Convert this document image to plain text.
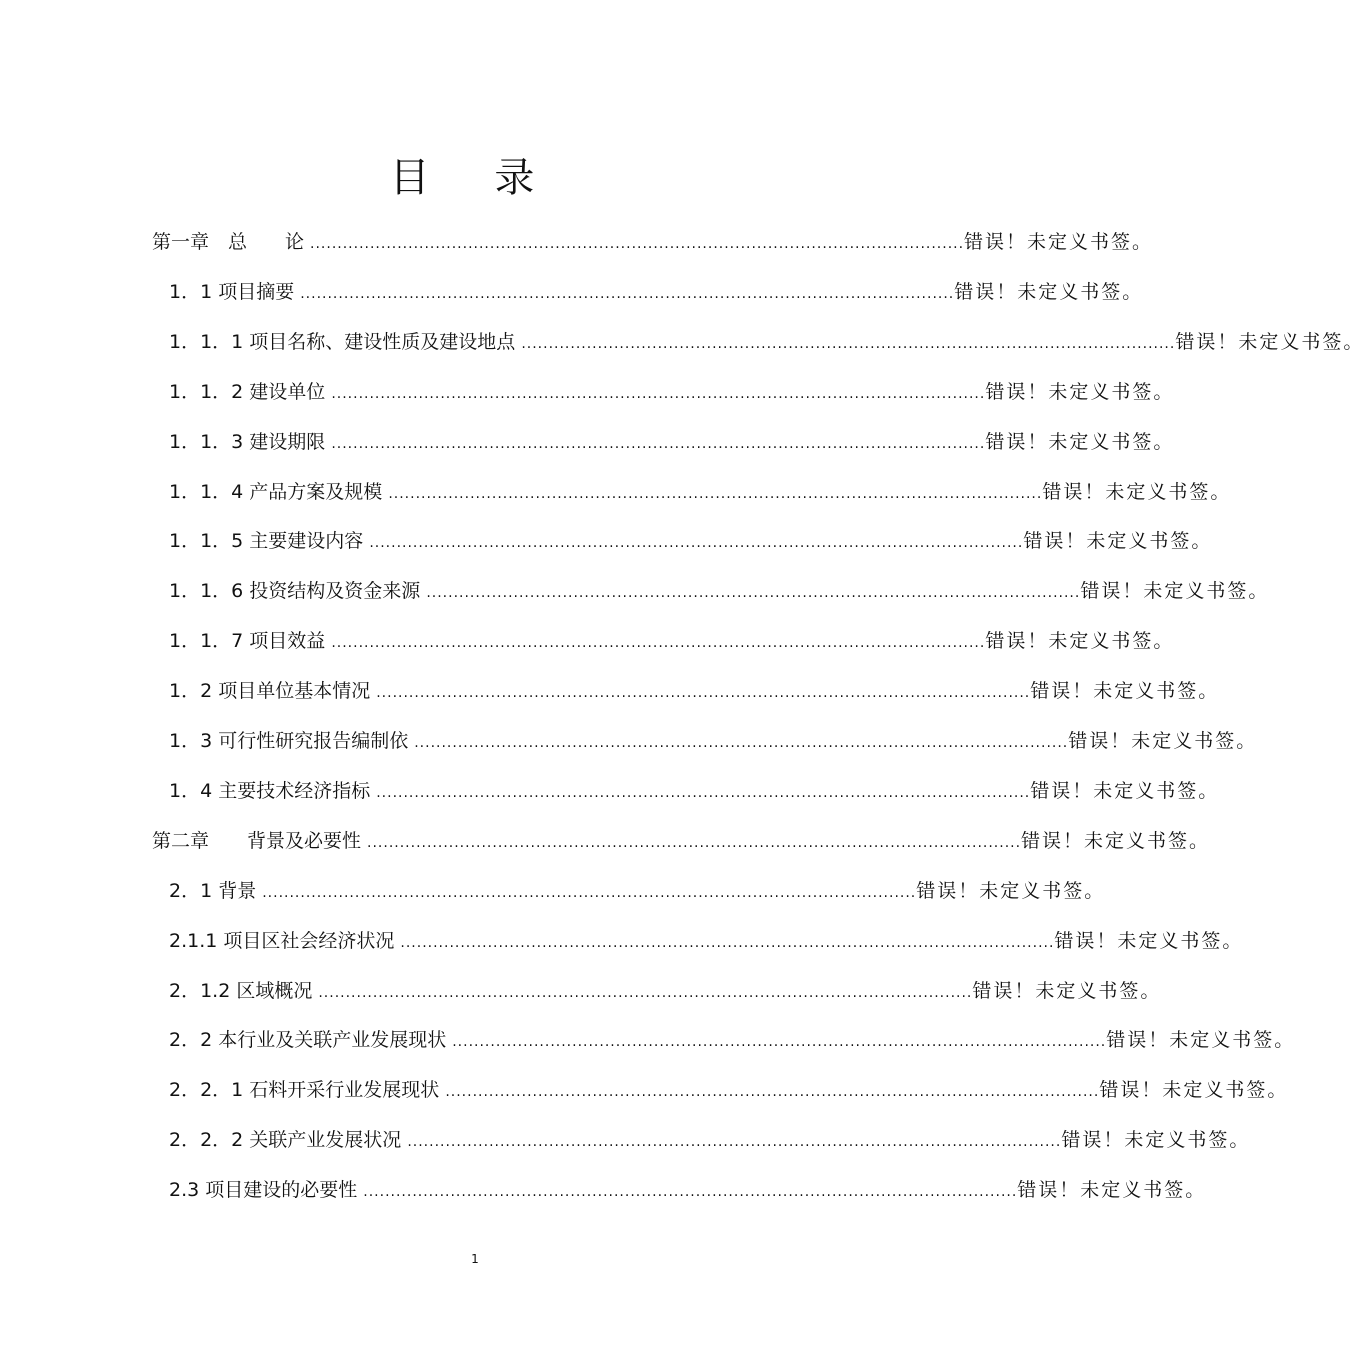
目 录
第一章　总　　论 ........................................................................................................................ 错误！未定义书签。
1．1 项目摘要 ........................................................................................................................ 错误！未定义书签。
1．1．1 项目名称、建设性质及建设地点 ........................................................................................................................ 错误！未定义书签。
1．1．2 建设单位 ........................................................................................................................ 错误！未定义书签。
1．1．3 建设期限 ........................................................................................................................ 错误！未定义书签。
1．1．4 产品方案及规模 ........................................................................................................................ 错误！未定义书签。
1．1．5 主要建设内容 ........................................................................................................................ 错误！未定义书签。
1．1．6 投资结构及资金来源 ........................................................................................................................ 错误！未定义书签。
1．1．7 项目效益 ........................................................................................................................ 错误！未定义书签。
1．2 项目单位基本情况 ........................................................................................................................ 错误！未定义书签。
1．3 可行性研究报告编制依 ........................................................................................................................ 错误！未定义书签。
1．4 主要技术经济指标 ........................................................................................................................ 错误！未定义书签。
第二章　　背景及必要性 ........................................................................................................................ 错误！未定义书签。
2．1 背景 ........................................................................................................................ 错误！未定义书签。
2.1.1 项目区社会经济状况 ........................................................................................................................ 错误！未定义书签。
2．1.2 区域概况 ........................................................................................................................ 错误！未定义书签。
2．2 本行业及关联产业发展现状 ........................................................................................................................ 错误！未定义书签。
2．2．1 石料开采行业发展现状 ........................................................................................................................ 错误！未定义书签。
2．2．2 关联产业发展状况 ........................................................................................................................ 错误！未定义书签。
2.3 项目建设的必要性 ........................................................................................................................ 错误！未定义书签。
1
